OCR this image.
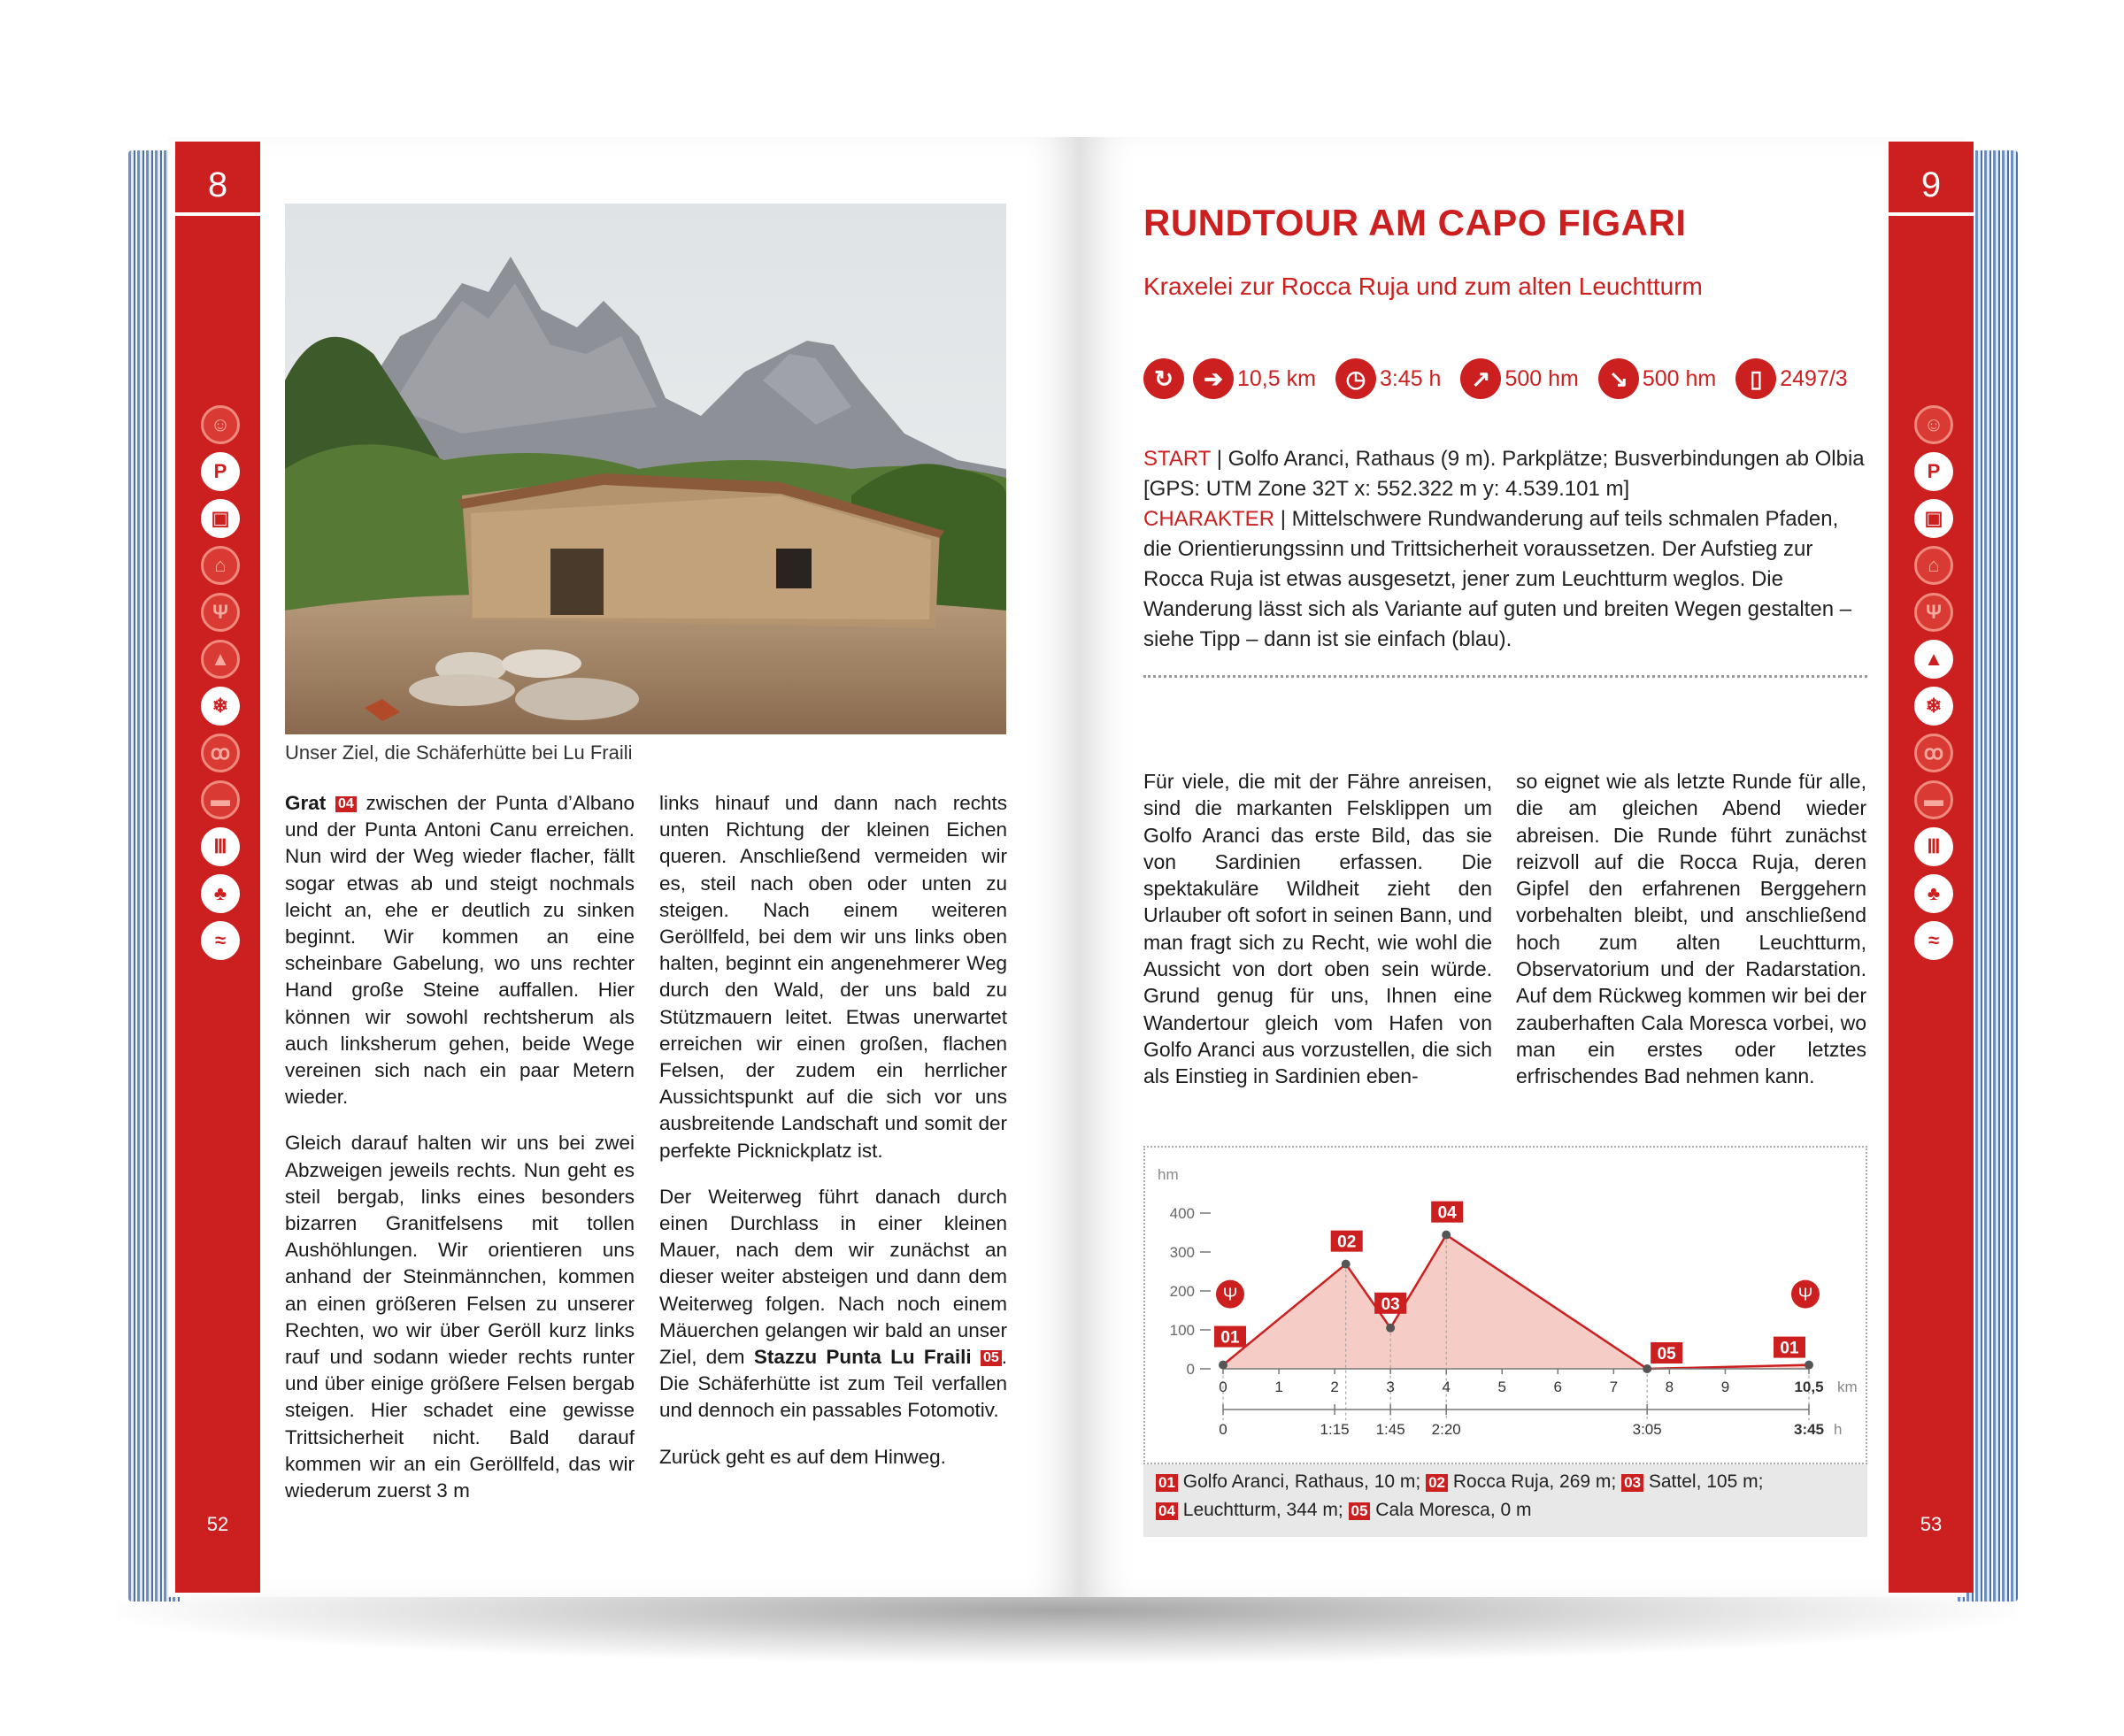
8
☺
P
▣
⌂
Ψ
▲
❄
ꝏ
▬
Ⅲ
♣
≈
52
Unser Ziel, die Schäferhütte bei Lu Fraili

Grat 04 zwischen der Punta d’Albano und der Punta Antoni Canu erreichen. Nun wird der Weg wieder flacher, fällt sogar etwas ab und steigt nochmals leicht an, ehe er deutlich zu sinken beginnt. Wir kommen an eine scheinbare Gabelung, wo uns rechter Hand große Steine auffallen. Hier können wir sowohl rechtsherum als auch linksherum gehen, beide Wege vereinen sich nach ein paar Metern wieder.

Gleich darauf halten wir uns bei zwei Abzweigen jeweils rechts. Nun geht es steil bergab, links eines besonders bizarren Granitfelsens mit tollen Aushöhlungen. Wir orientieren uns anhand der Steinmännchen, kommen an einen größeren Felsen zu unserer Rechten, wo wir über Geröll kurz links rauf und sodann wieder rechts runter und über einige größere Felsen bergab steigen. Hier schadet eine gewisse Trittsicherheit nicht. Bald darauf kommen wir an ein Geröllfeld, das wir wiederum zuerst 3 m

links hinauf und dann nach rechts unten Richtung der kleinen Eichen queren. Anschließend vermeiden wir es, steil nach oben oder unten zu steigen. Nach einem weiteren Geröllfeld, bei dem wir uns links oben halten, beginnt ein angenehmerer Weg durch den Wald, der uns bald zu Stützmauern leitet. Etwas unerwartet erreichen wir einen großen, flachen Felsen, der zudem ein herrlicher Aussichtspunkt auf die sich vor uns ausbreitende Landschaft und somit der perfekte Picknickplatz ist.

Der Weiterweg führt danach durch einen Durchlass in einer kleinen Mauer, nach dem wir zunächst an dieser weiter absteigen und dann dem Weiterweg folgen. Nach noch einem Mäuerchen gelangen wir bald an unser Ziel, dem Stazzu Punta Lu Fraili 05 . Die Schäferhütte ist zum Teil verfallen und dennoch ein passables Fotomotiv.

Zurück geht es auf dem Hinweg.

9
☺
P
▣
⌂
Ψ
▲
❄
ꝏ
▬
Ⅲ
♣
≈
53
RUNDTOUR AM CAPO FIGARI
Kraxelei zur Rocca Ruja und zum alten Leuchtturm
↻	➔ 10,5 km	◷ 3:45 h	↗ 500 hm	↘ 500 hm	▯ 2497/3
START | Golfo Aranci, Rathaus (9 m). Parkplätze; Busverbindungen ab Olbia [GPS: UTM Zone 32T x: 552.322 m y: 4.539.101 m]
CHARAKTER | Mittelschwere Rundwanderung auf teils schmalen Pfaden, die Orientierungssinn und Trittsicherheit voraussetzen. Der Aufstieg zur Rocca Ruja ist etwas ausgesetzt, jener zum Leuchtturm weglos. Die Wanderung lässt sich als Variante auf guten und breiten Wegen gestalten – siehe Tipp – dann ist sie einfach (blau).
Für viele, die mit der Fähre anreisen, sind die markanten Felsklippen um Golfo Aranci das erste Bild, das sie von Sardinien erfassen. Die spektakuläre Wildheit zieht den Urlauber oft sofort in seinen Bann, und man fragt sich zu Recht, wie wohl die Aussicht von dort oben sein würde. Grund genug für uns, Ihnen eine Wandertour gleich vom Hafen von Golfo Aranci aus vorzustellen, die sich als Einstieg in Sardinien eben-
so eignet wie als letzte Runde für alle, die am gleichen Abend wieder abreisen. Die Runde führt zunächst reizvoll auf die Rocca Ruja, deren Gipfel den erfahrenen Berggehern vorbehalten bleibt, und anschließend hoch zum alten Leuchtturm, Observatorium und der Radarstation. Auf dem Rückweg kommen wir bei der zauberhaften Cala Moresca vorbei, wo man ein erstes oder letztes erfrischendes Bad nehmen kann.
hm
0
100
200
300
400
0	1	2	3	4	5	6	7	8	9	10,5 km
0	1:15 1:45 2:20	3:05	3:45 h
01
02
03
04
05	01
Ψ	Ψ
01 Golfo Aranci, Rathaus, 10 m; 02 Rocca Ruja, 269 m; 03 Sattel, 105 m;
04 Leuchtturm, 344 m; 05 Cala Moresca, 0 m
